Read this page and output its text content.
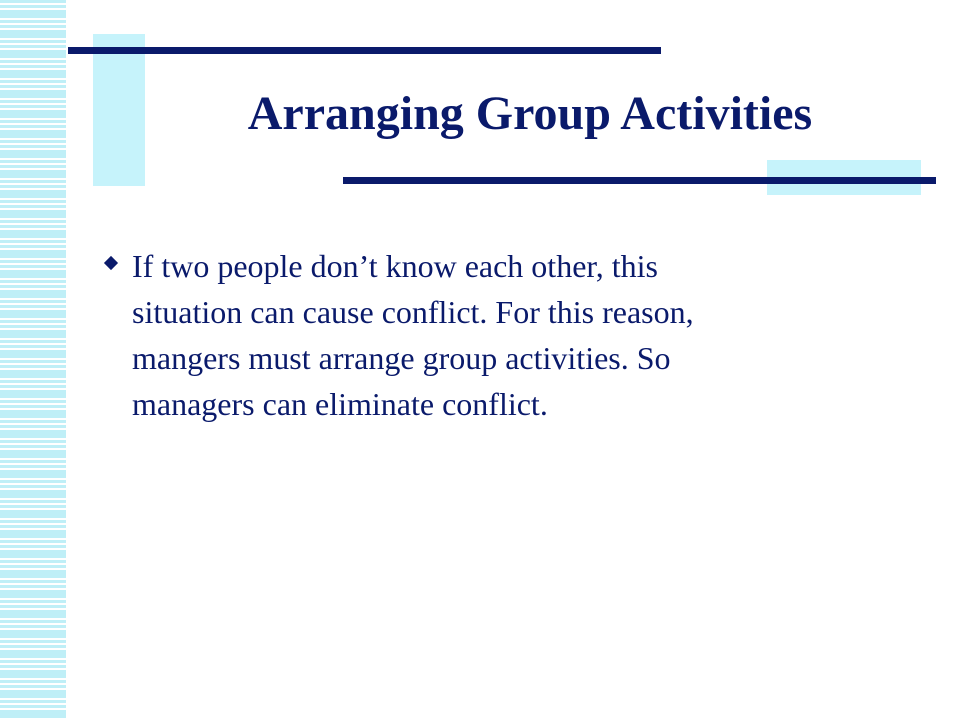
Arranging Group Activities
If two people don’t know each other, this
situation can cause conflict. For this reason,
mangers must arrange group activities. So
managers can eliminate conflict.
